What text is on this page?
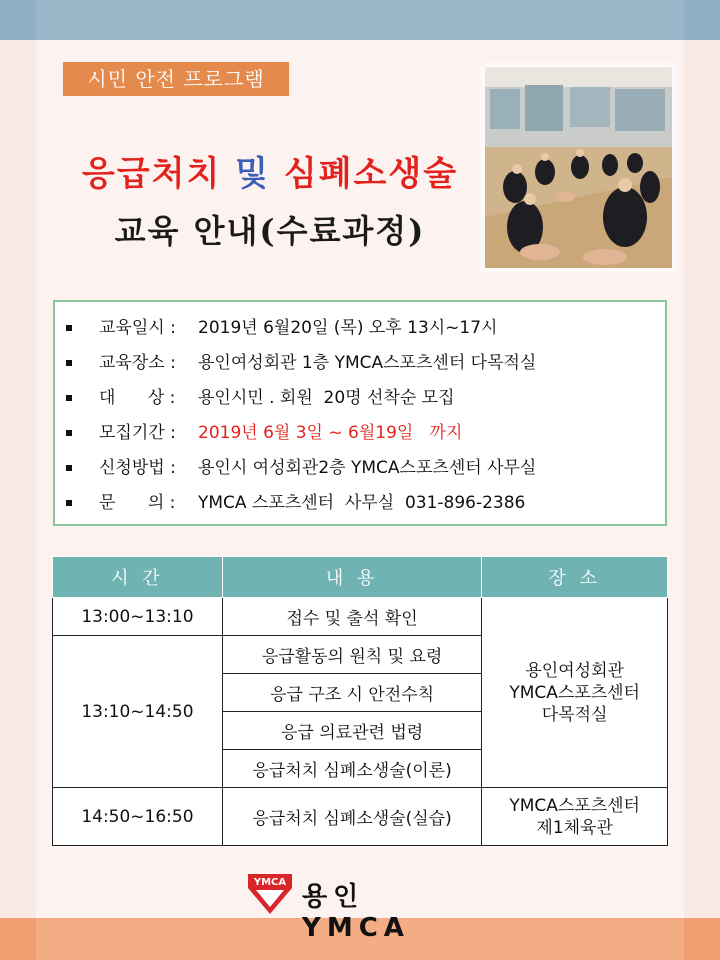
시민 안전 프로그램
응급처치 및 심폐소생술
교육 안내(수료과정)
교육일시 : 2019년 6월20일 (목) 오후 13시~17시
교육장소 : 용인여성회관 1층 YMCA스포츠센터 다목적실
대      상 : 용인시민 . 회원  20명 선착순 모집
모집기간 : 2019년 6월 3일 ~ 6월19일   까지
신청방법 : 용인시 여성회관2층 YMCA스포츠센터 사무실
문      의 : YMCA 스포츠센터  사무실  031-896-2386
시 간	내 용	장 소
13:00~13:10	접수 및 출석 확인	용인여성회관
YMCA스포츠센터
다목적실

13:10~14:50	응급활동의 원칙 및 요령	
	응급 구조 시 안전수칙	
	응급 의료관련 법령	
	응급처치 심폐소생술(이론)	
14:50~16:50	응급처치 심폐소생술(실습)	YMCA스포츠센터
제1체육관
YMCA 용인YMCA
